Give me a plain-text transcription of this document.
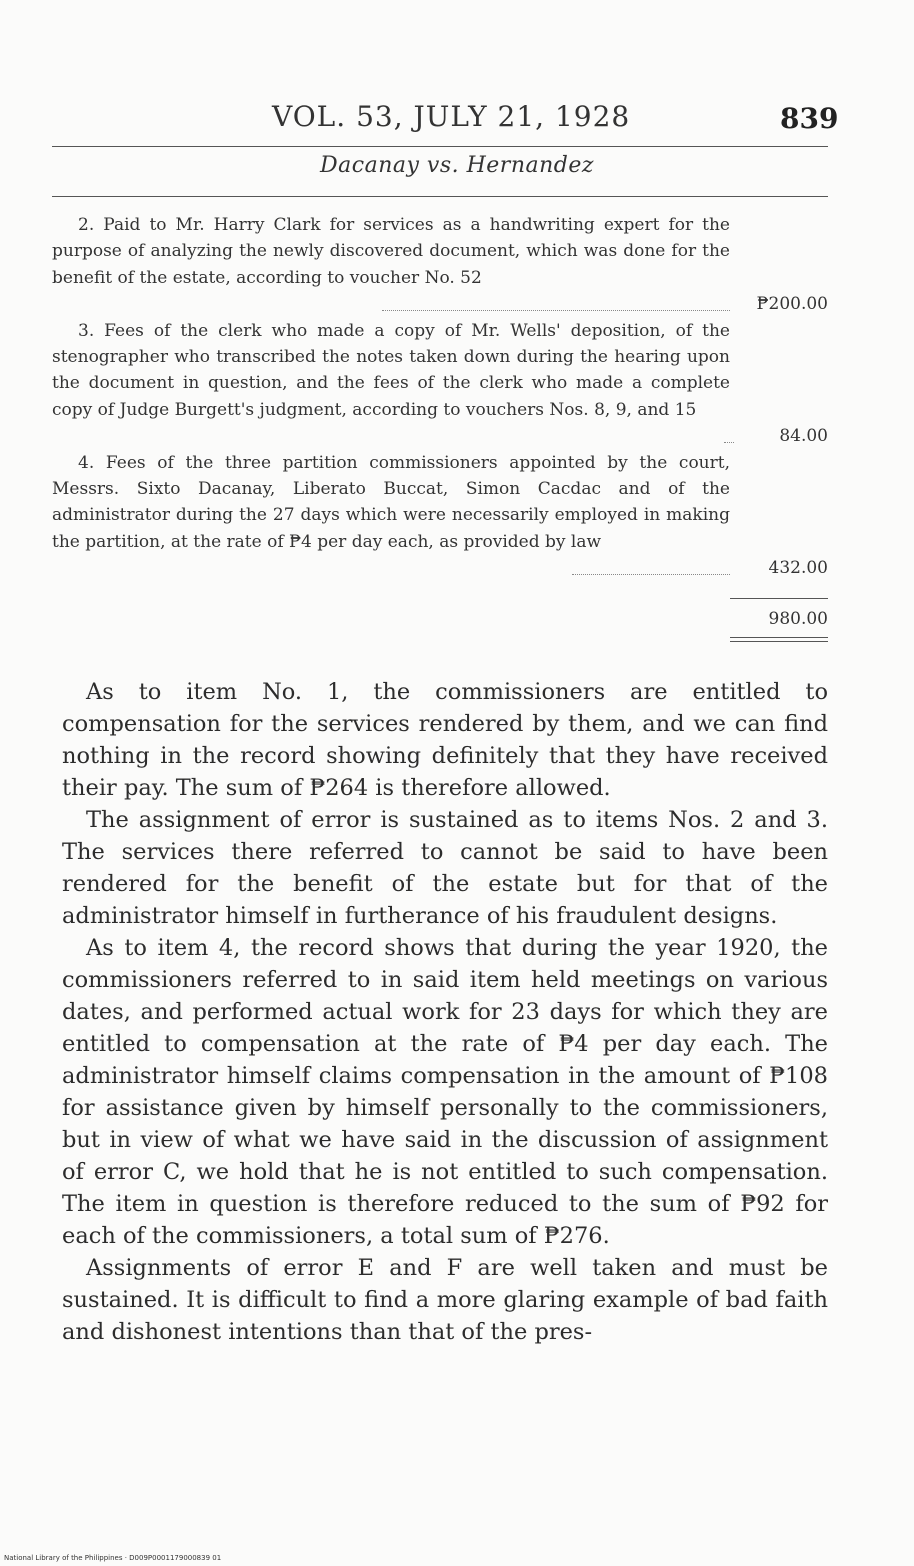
VOL. 53, JULY 21, 1928	839
Dacanay vs. Hernandez
2. Paid to Mr. Harry Clark for services as a handwriting expert for the purpose of analyzing the newly discovered document, which was done for the benefit of the estate, according to voucher No. 52
₱200.00
3. Fees of the clerk who made a copy of Mr. Wells' deposition, of the stenographer who transcribed the notes taken down during the hearing upon the document in question, and the fees of the clerk who made a complete copy of Judge Burgett's judgment, according to vouchers Nos. 8, 9, and 15
84.00
4. Fees of the three partition commissioners appointed by the court, Messrs. Sixto Dacanay, Liberato Buccat, Simon Cacdac and of the administrator during the 27 days which were necessarily employed in making the partition, at the rate of ₱4 per day each, as provided by law
432.00
980.00

As to item No. 1, the commissioners are entitled to compensation for the services rendered by them, and we can find nothing in the record showing definitely that they have received their pay. The sum of ₱264 is therefore allowed.

The assignment of error is sustained as to items Nos. 2 and 3. The services there referred to cannot be said to have been rendered for the benefit of the estate but for that of the administrator himself in furtherance of his fraudulent designs.

As to item 4, the record shows that during the year 1920, the commissioners referred to in said item held meetings on various dates, and performed actual work for 23 days for which they are entitled to compensation at the rate of ₱4 per day each. The administrator himself claims compensation in the amount of ₱108 for assistance given by himself personally to the commissioners, but in view of what we have said in the discussion of assignment of error C, we hold that he is not entitled to such compensation. The item in question is therefore reduced to the sum of ₱92 for each of the commissioners, a total sum of ₱276.

Assignments of error E and F are well taken and must be sustained. It is difficult to find a more glaring example of bad faith and dishonest intentions than that of the pres-

National Library of the Philippines · D009P0001179000839 01
